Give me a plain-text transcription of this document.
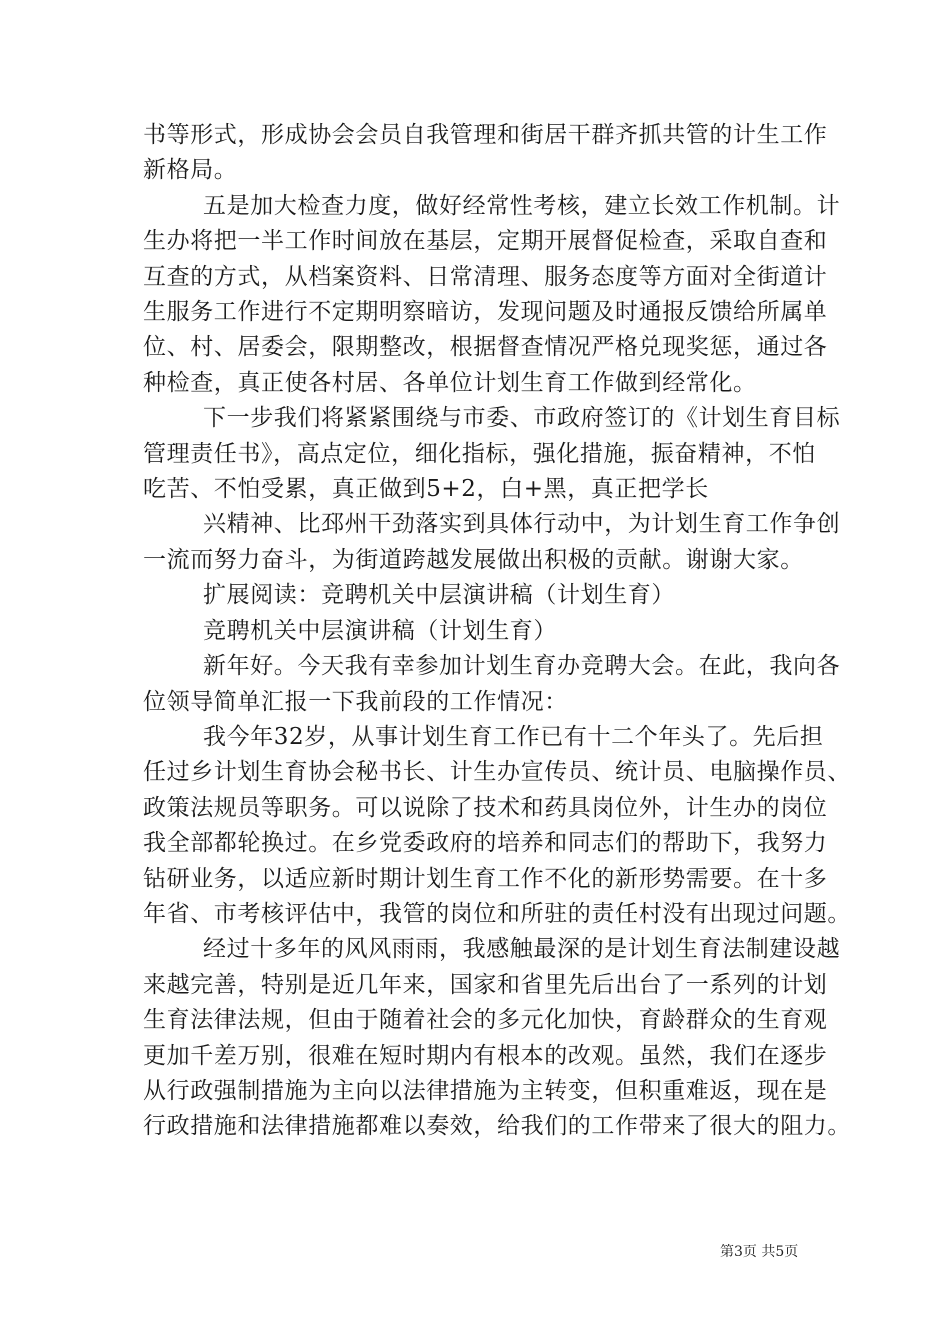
书等形式，形成协会会员自我管理和街居干群齐抓共管的计生工作
新格局。
五是加大检查力度，做好经常性考核，建立长效工作机制。计
生办将把一半工作时间放在基层，定期开展督促检查，采取自查和
互查的方式，从档案资料、日常清理、服务态度等方面对全街道计
生服务工作进行不定期明察暗访，发现问题及时通报反馈给所属单
位、村、居委会，限期整改，根据督查情况严格兑现奖惩，通过各
种检查，真正使各村居、各单位计划生育工作做到经常化。
下一步我们将紧紧围绕与市委、市政府签订的《计划生育目标
管理责任书》，高点定位，细化指标，强化措施，振奋精神，不怕
吃苦、不怕受累，真正做到5+2，白+黑，真正把学长
兴精神、比邳州干劲落实到具体行动中，为计划生育工作争创
一流而努力奋斗，为街道跨越发展做出积极的贡献。谢谢大家。
扩展阅读：竞聘机关中层演讲稿（计划生育）
竞聘机关中层演讲稿（计划生育）
新年好。今天我有幸参加计划生育办竞聘大会。在此，我向各
位领导简单汇报一下我前段的工作情况：
我今年32岁，从事计划生育工作已有十二个年头了。先后担
任过乡计划生育协会秘书长、计生办宣传员、统计员、电脑操作员、
政策法规员等职务。可以说除了技术和药具岗位外，计生办的岗位
我全部都轮换过。在乡党委政府的培养和同志们的帮助下，我努力
钻研业务，以适应新时期计划生育工作不化的新形势需要。在十多
年省、市考核评估中，我管的岗位和所驻的责任村没有出现过问题。
经过十多年的风风雨雨，我感触最深的是计划生育法制建设越
来越完善，特别是近几年来，国家和省里先后出台了一系列的计划
生育法律法规，但由于随着社会的多元化加快，育龄群众的生育观
更加千差万别，很难在短时期内有根本的改观。虽然，我们在逐步
从行政强制措施为主向以法律措施为主转变，但积重难返，现在是
行政措施和法律措施都难以奏效，给我们的工作带来了很大的阻力。
第3页 共5页
